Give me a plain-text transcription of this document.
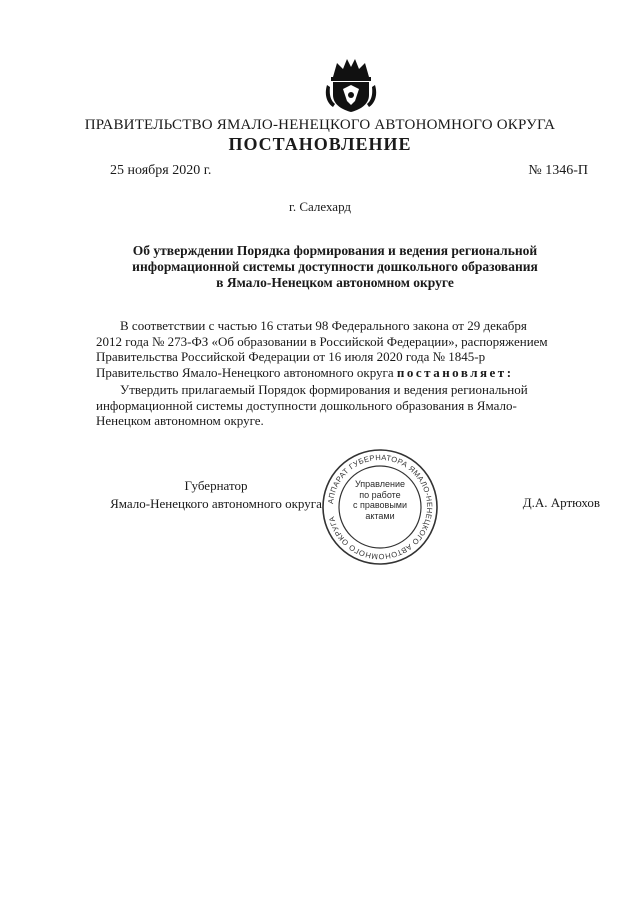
ПРАВИТЕЛЬСТВО ЯМАЛО-НЕНЕЦКОГО АВТОНОМНОГО ОКРУГА
ПОСТАНОВЛЕНИЕ
25 ноября 2020 г.	№ 1346-П
г. Салехард
Об утверждении Порядка формирования и ведения региональной
информационной системы доступности дошкольного образования
в Ямало-Ненецком автономном округе
В соответствии с частью 16 статьи 98 Федерального закона от 29 декабря
2012 года № 273-ФЗ «Об образовании в Российской Федерации», распоряжением
Правительства Российской Федерации от 16 июля 2020 года № 1845-р
Правительство Ямало-Ненецкого автономного округа постановляет:
Утвердить прилагаемый Порядок формирования и ведения региональной
информационной системы доступности дошкольного образования в Ямало-
Ненецком автономном округе.
Губернатор
Ямало-Ненецкого автономного округа	Д.А. Артюхов
АППАРАТ ГУБЕРНАТОРА ЯМАЛО-НЕНЕЦКОГО АВТОНОМНОГО ОКРУГА
Управление
по работе
с правовыми
актами
